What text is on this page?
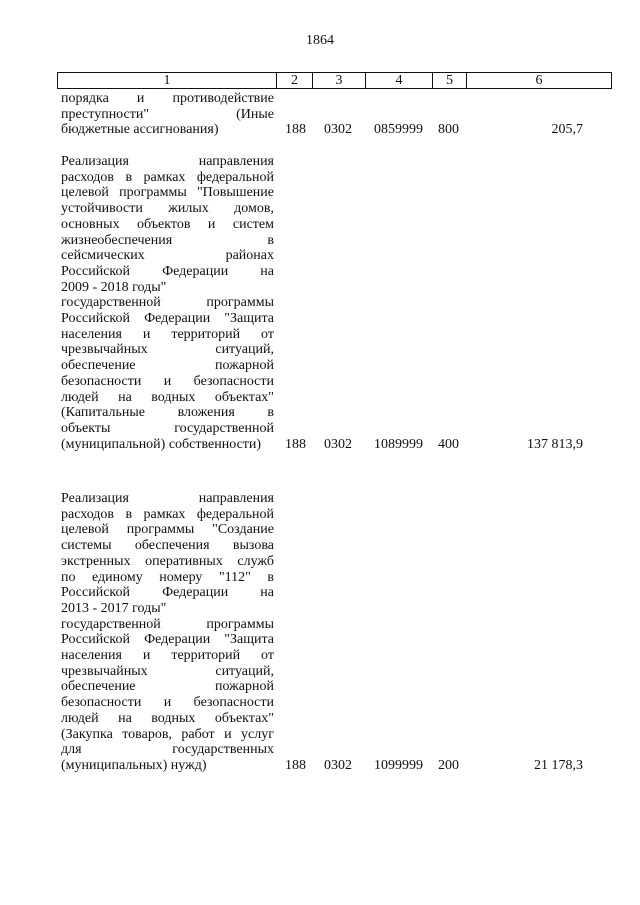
1864
1	2	3	4	5	6
порядка и противодействие
преступности" (Иные
бюджетные ассигнования)	188 0302 0859999 800	205,7
Реализация направления
расходов в рамках федеральной
целевой программы "Повышение
устойчивости жилых домов,
основных объектов и систем
жизнеобеспечения в
сейсмических районах
Российской Федерации на
2009 - 2018 годы"
государственной программы
Российской Федерации "Защита
населения и территорий от
чрезвычайных ситуаций,
обеспечение пожарной
безопасности и безопасности
людей на водных объектах"
(Капитальные вложения в
объекты государственной
(муниципальной) собственности)	188 0302 1089999 400	137 813,9
Реализация направления
расходов в рамках федеральной
целевой программы "Создание
системы обеспечения вызова
экстренных оперативных служб
по единому номеру "112" в
Российской Федерации на
2013 - 2017 годы"
государственной программы
Российской Федерации "Защита
населения и территорий от
чрезвычайных ситуаций,
обеспечение пожарной
безопасности и безопасности
людей на водных объектах"
(Закупка товаров, работ и услуг
для государственных
(муниципальных) нужд)	188 0302 1099999 200	21 178,3
